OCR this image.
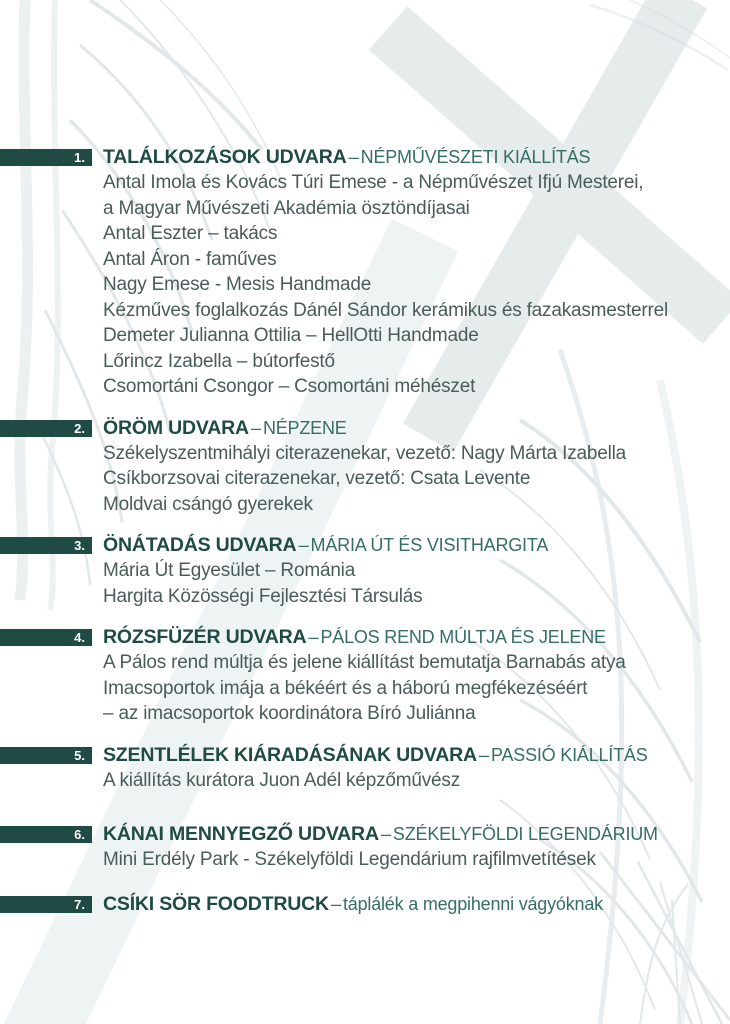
1. TALÁLKOZÁSOK UDVARA – NÉPMŰVÉSZETI KIÁLLÍTÁS

Antal Imola és Kovács Túri Emese - a Népművészet Ifjú Mesterei,

a Magyar Művészeti Akadémia ösztöndíjasai

Antal Eszter – takács

Antal Áron - faműves

Nagy Emese - Mesis Handmade

Kézműves foglalkozás Dánél Sándor kerámikus és fazakasmesterrel

Demeter Julianna Ottilia – HellOtti Handmade

Lőrincz Izabella – bútorfestő

Csomortáni Csongor – Csomortáni méhészet

2. ÖRÖM UDVARA – NÉPZENE

Székelyszentmihályi citerazenekar, vezető: Nagy Márta Izabella

Csíkborzsovai citerazenekar, vezető: Csata Levente

Moldvai csángó gyerekek

3. ÖNÁTADÁS UDVARA – MÁRIA ÚT ÉS VISITHARGITA

Mária Út Egyesület – Románia

Hargita Közösségi Fejlesztési Társulás

4. RÓZSFÜZÉR UDVARA – PÁLOS REND MÚLTJA ÉS JELENE

A Pálos rend múltja és jelene kiállítást bemutatja Barnabás atya

Imacsoportok imája a békéért és a háború megfékezéséért

– az imacsoportok koordinátora Bíró Juliánna

5. SZENTLÉLEK KIÁRADÁSÁNAK UDVARA – PASSIÓ KIÁLLÍTÁS

A kiállítás kurátora Juon Adél képzőművész

6. KÁNAI MENNYEGZŐ UDVARA – SZÉKELYFÖLDI LEGENDÁRIUM

Mini Erdély Park - Székelyföldi Legendárium rajfilmvetítések

7. CSÍKI SÖR FOODTRUCK – táplálék a megpihenni vágyóknak
